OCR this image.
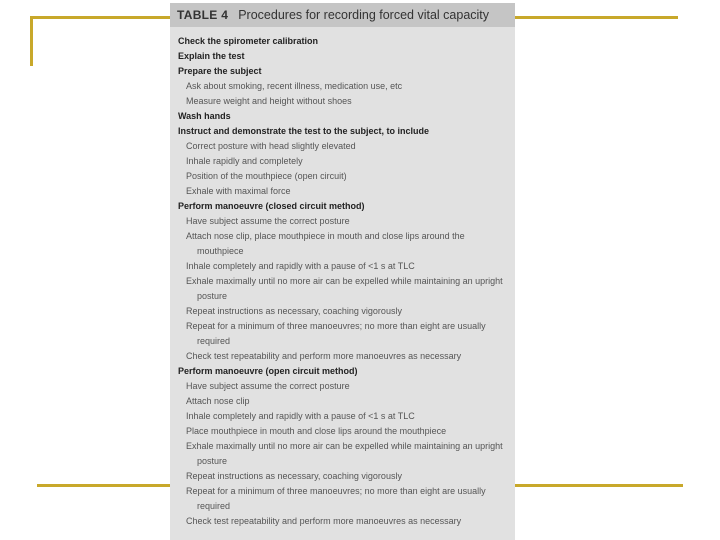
TABLE 4 Procedures for recording forced vital capacity
Check the spirometer calibration
Explain the test
Prepare the subject
Ask about smoking, recent illness, medication use, etc
Measure weight and height without shoes
Wash hands
Instruct and demonstrate the test to the subject, to include
Correct posture with head slightly elevated
Inhale rapidly and completely
Position of the mouthpiece (open circuit)
Exhale with maximal force
Perform manoeuvre (closed circuit method)
Have subject assume the correct posture
Attach nose clip, place mouthpiece in mouth and close lips around the
mouthpiece
Inhale completely and rapidly with a pause of <1 s at TLC
Exhale maximally until no more air can be expelled while maintaining an upright
posture
Repeat instructions as necessary, coaching vigorously
Repeat for a minimum of three manoeuvres; no more than eight are usually
required
Check test repeatability and perform more manoeuvres as necessary
Perform manoeuvre (open circuit method)
Have subject assume the correct posture
Attach nose clip
Inhale completely and rapidly with a pause of <1 s at TLC
Place mouthpiece in mouth and close lips around the mouthpiece
Exhale maximally until no more air can be expelled while maintaining an upright
posture
Repeat instructions as necessary, coaching vigorously
Repeat for a minimum of three manoeuvres; no more than eight are usually
required
Check test repeatability and perform more manoeuvres as necessary
